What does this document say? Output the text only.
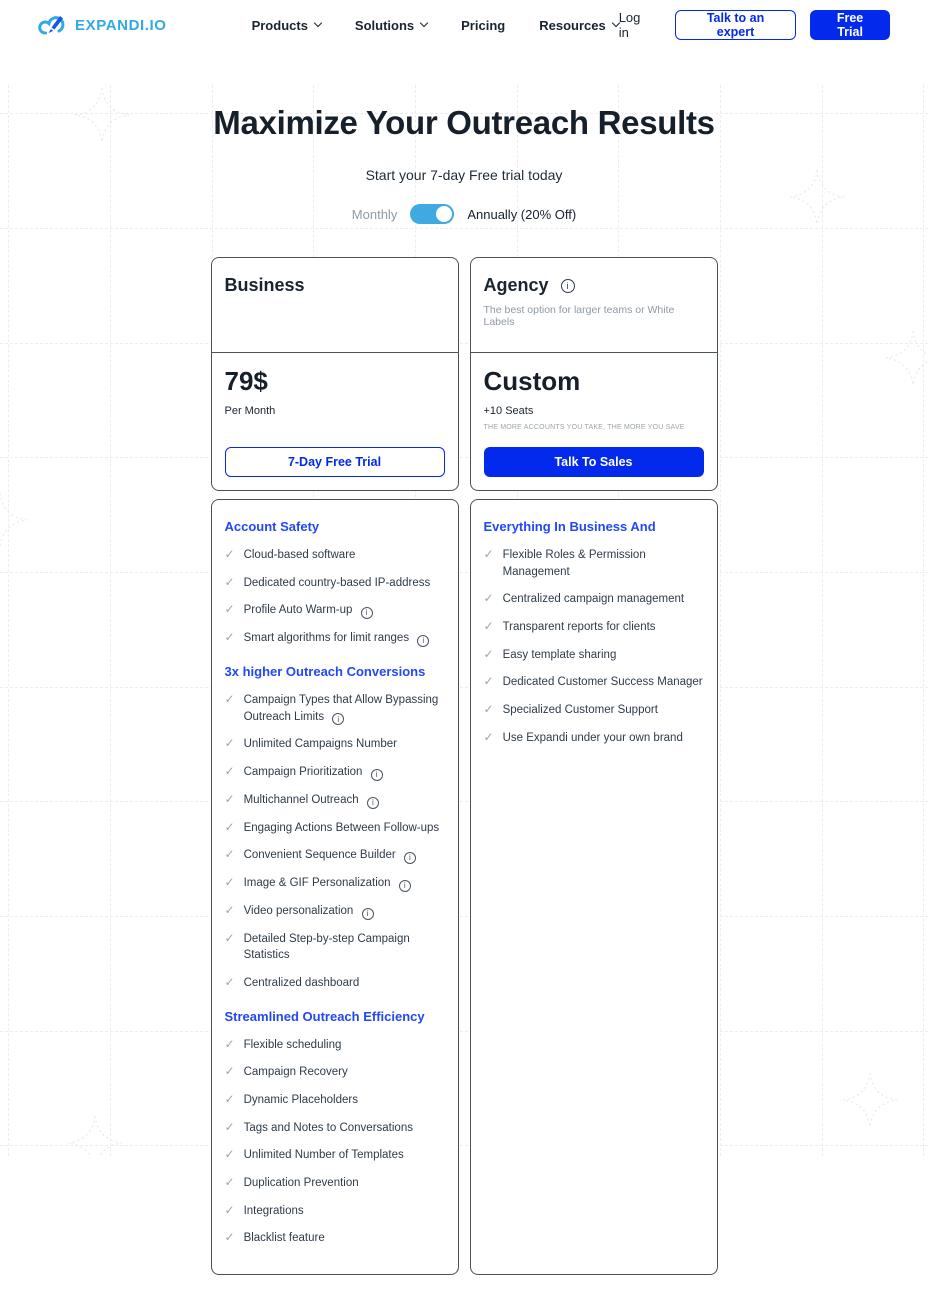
EXPANDI.IO	Products	Solutions	Pricing	Resources Log in
Talk to an expert
Free Trial
Maximize Your Outreach Results
Start your 7-day Free trial today
Monthly	Annually (20% Off)
Business
79$
Per Month
7-Day Free Trial
Account Safety
✓ Cloud-based software
✓ Dedicated country-based IP-address
✓ Profile Auto Warm-up i
✓ Smart algorithms for limit ranges i
3x higher Outreach Conversions
✓ Campaign Types that Allow Bypassing Outreach Limits i
✓ Unlimited Campaigns Number
✓ Campaign Prioritization i
✓ Multichannel Outreach i
✓ Engaging Actions Between Follow-ups
✓ Convenient Sequence Builder i
✓ Image & GIF Personalization i
✓ Video personalization i
✓ Detailed Step-by-step Campaign Statistics
✓ Centralized dashboard
Streamlined Outreach Efficiency
✓ Flexible scheduling
✓ Campaign Recovery
✓ Dynamic Placeholders
✓ Tags and Notes to Conversations
✓ Unlimited Number of Templates
✓ Duplication Prevention
✓ Integrations
✓ Blacklist feature
Agency	i
The best option for larger teams or White Labels
Custom
+10 Seats
THE MORE ACCOUNTS YOU TAKE, THE MORE YOU SAVE
Talk To Sales
Everything In Business And
✓ Flexible Roles & Permission Management
✓ Centralized campaign management
✓ Transparent reports for clients
✓ Easy template sharing
✓ Dedicated Customer Success Manager
✓ Specialized Customer Support
✓ Use Expandi under your own brand
